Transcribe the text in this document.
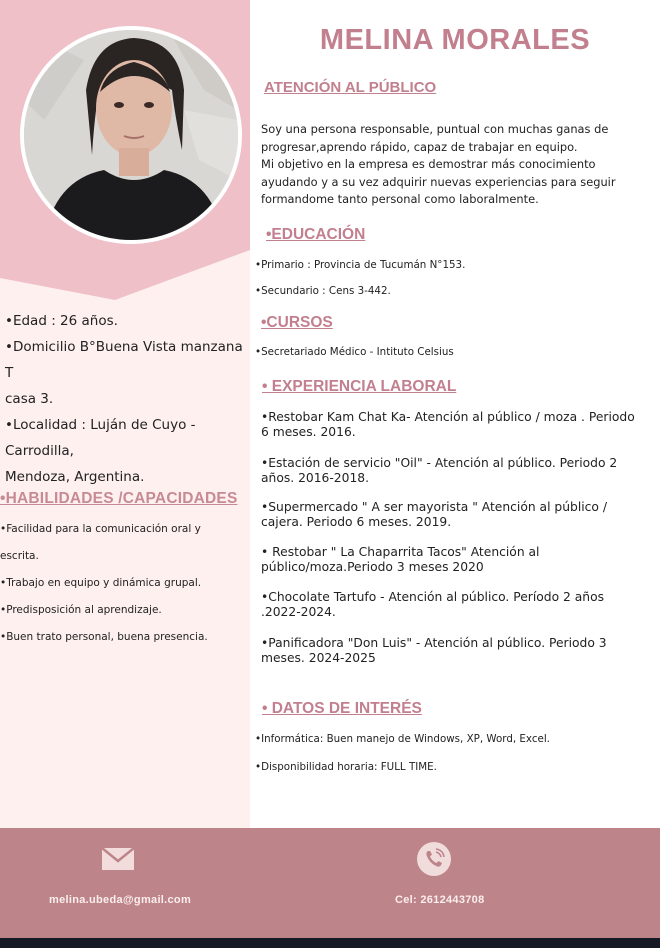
•Edad : 26 años.

•Domicilio B°Buena Vista manzana T

casa 3.

•Localidad : Luján de Cuyo -Carrodilla,

Mendoza, Argentina.

•HABILIDADES /CAPACIDADES

•Facilidad para la comunicación oral y

escrita.

•Trabajo en equipo y dinámica grupal.

•Predisposición al aprendizaje.

•Buen trato personal, buena presencia.

MELINA MORALES
ATENCIÓN AL PÚBLICO

Soy una persona responsable, puntual con muchas ganas de

progresar,aprendo rápido, capaz de trabajar en equipo.

Mi objetivo en la empresa es demostrar más conocimiento

ayudando y a su vez adquirir nuevas experiencias para seguir

formandome tanto personal como laboralmente.

•EDUCACIÓN
•Primario : Provincia de Tucumán N°153.
•Secundario : Cens 3-442.
•CURSOS
•Secretariado Médico - Intituto Celsius
• EXPERIENCIA LABORAL
•Restobar Kam Chat Ka- Atención al público / moza . Periodo
6 meses. 2016.
•Estación de servicio "Oil" - Atención al público. Periodo 2
años. 2016-2018.
•Supermercado " A ser mayorista " Atención al público /
cajera. Periodo 6 meses. 2019.
• Restobar " La Chaparrita Tacos" Atención al
público/moza.Periodo 3 meses 2020
•Chocolate Tartufo - Atención al público. Período 2 años
.2022-2024.
•Panificadora "Don Luis" - Atención al público. Periodo 3
meses. 2024-2025
• DATOS DE INTERÉS
•Informática: Buen manejo de Windows, XP, Word, Excel.
•Disponibilidad horaria: FULL TIME.
melina.ubeda@gmail.com	Cel: 2612443708
